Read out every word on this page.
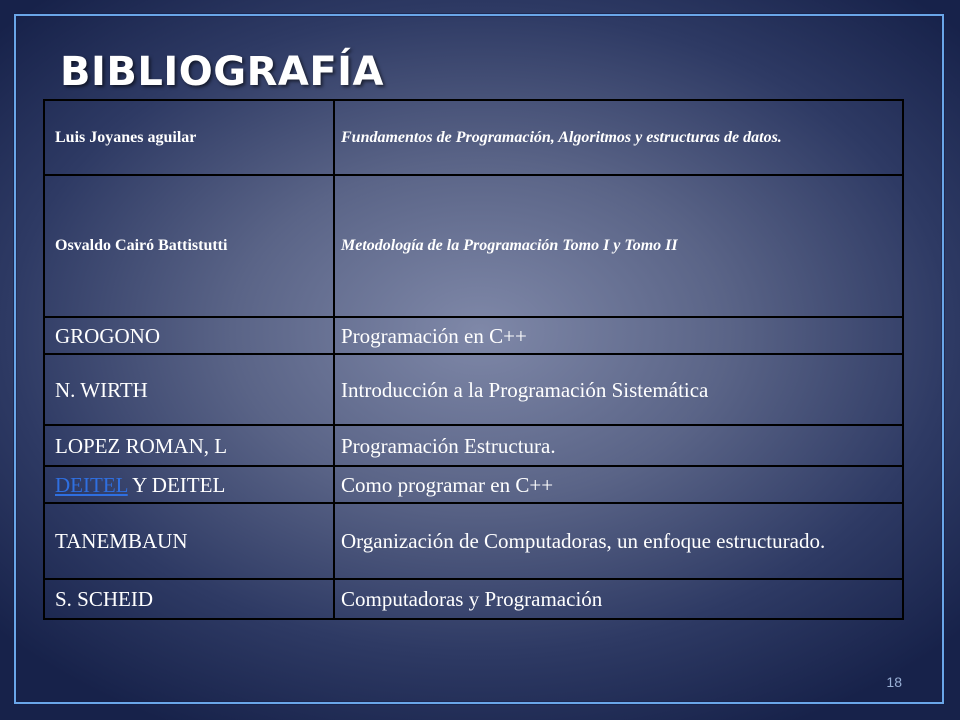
BIBLIOGRAFÍA
Luis Joyanes aguilar	Fundamentos de Programación, Algoritmos y estructuras de datos.
Osvaldo Cairó Battistutti	Metodología de la Programación Tomo I y Tomo II
GROGONO	Programación en C++
N. WIRTH	Introducción a la Programación Sistemática
LOPEZ ROMAN, L	Programación Estructura.
DEITEL Y DEITEL	Como programar en C++
TANEMBAUN	Organización de Computadoras, un enfoque estructurado.
S. SCHEID	Computadoras y Programación
18
